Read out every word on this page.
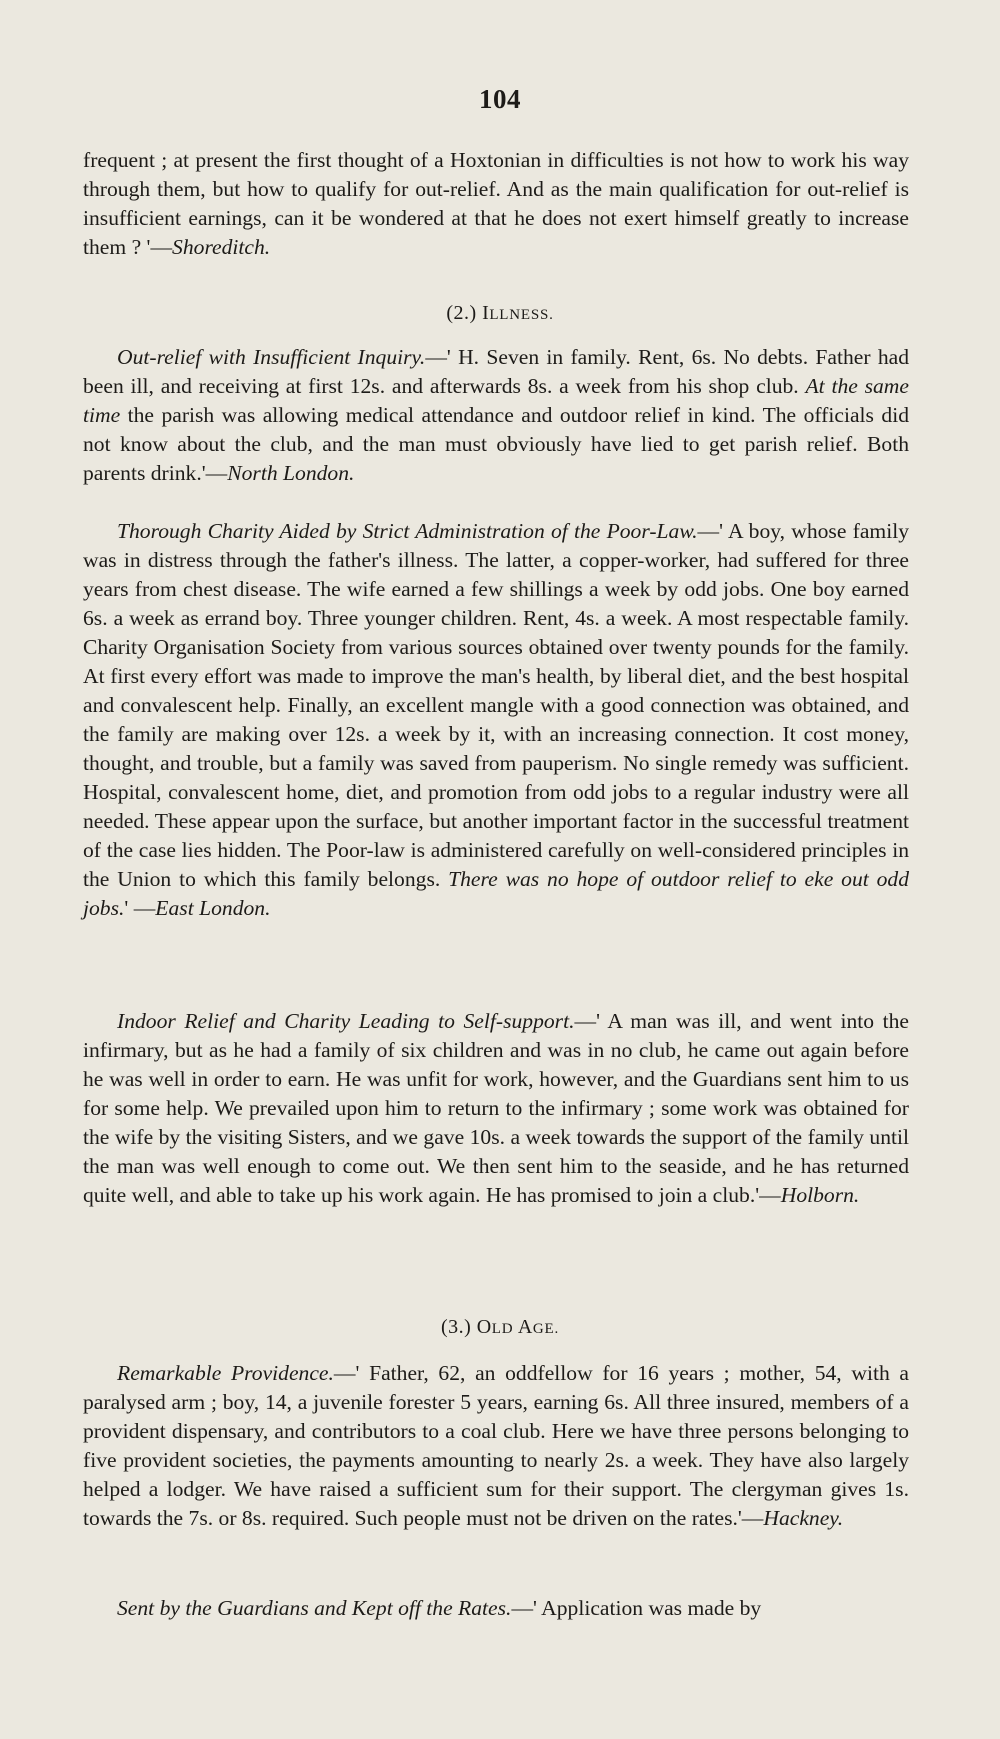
104
frequent ; at present the first thought of a Hoxtonian in difficulties is not how to work his way through them, but how to qualify for out-relief. And as the main qualification for out-relief is insufficient earnings, can it be wondered at that he does not exert himself greatly to increase them ? '—Shoreditch.
(2.) ILLNESS.
Out-relief with Insufficient Inquiry.—' H. Seven in family. Rent, 6s. No debts. Father had been ill, and receiving at first 12s. and afterwards 8s. a week from his shop club. At the same time the parish was allowing medical attendance and outdoor relief in kind. The officials did not know about the club, and the man must obviously have lied to get parish relief. Both parents drink.'—North London.
Thorough Charity Aided by Strict Administration of the Poor-Law.—' A boy, whose family was in distress through the father's illness. The latter, a copper-worker, had suffered for three years from chest disease. The wife earned a few shillings a week by odd jobs. One boy earned 6s. a week as errand boy. Three younger children. Rent, 4s. a week. A most respectable family. Charity Organisation Society from various sources obtained over twenty pounds for the family. At first every effort was made to improve the man's health, by liberal diet, and the best hospital and convalescent help. Finally, an excellent mangle with a good connection was obtained, and the family are making over 12s. a week by it, with an increasing connection. It cost money, thought, and trouble, but a family was saved from pauperism. No single remedy was sufficient. Hospital, convalescent home, diet, and promotion from odd jobs to a regular industry were all needed. These appear upon the surface, but another important factor in the successful treatment of the case lies hidden. The Poor-law is administered carefully on well-considered principles in the Union to which this family belongs. There was no hope of outdoor relief to eke out odd jobs.' —East London.
Indoor Relief and Charity Leading to Self-support.—' A man was ill, and went into the infirmary, but as he had a family of six children and was in no club, he came out again before he was well in order to earn. He was unfit for work, however, and the Guardians sent him to us for some help. We prevailed upon him to return to the infirmary ; some work was obtained for the wife by the visiting Sisters, and we gave 10s. a week towards the support of the family until the man was well enough to come out. We then sent him to the seaside, and he has returned quite well, and able to take up his work again. He has promised to join a club.'—Holborn.
(3.) OLD AGE.
Remarkable Providence.—' Father, 62, an oddfellow for 16 years ; mother, 54, with a paralysed arm ; boy, 14, a juvenile forester 5 years, earning 6s. All three insured, members of a provident dispensary, and contributors to a coal club. Here we have three persons belonging to five provident societies, the payments amounting to nearly 2s. a week. They have also largely helped a lodger. We have raised a sufficient sum for their support. The clergyman gives 1s. towards the 7s. or 8s. required. Such people must not be driven on the rates.'—Hackney.
Sent by the Guardians and Kept off the Rates.—' Application was made by
